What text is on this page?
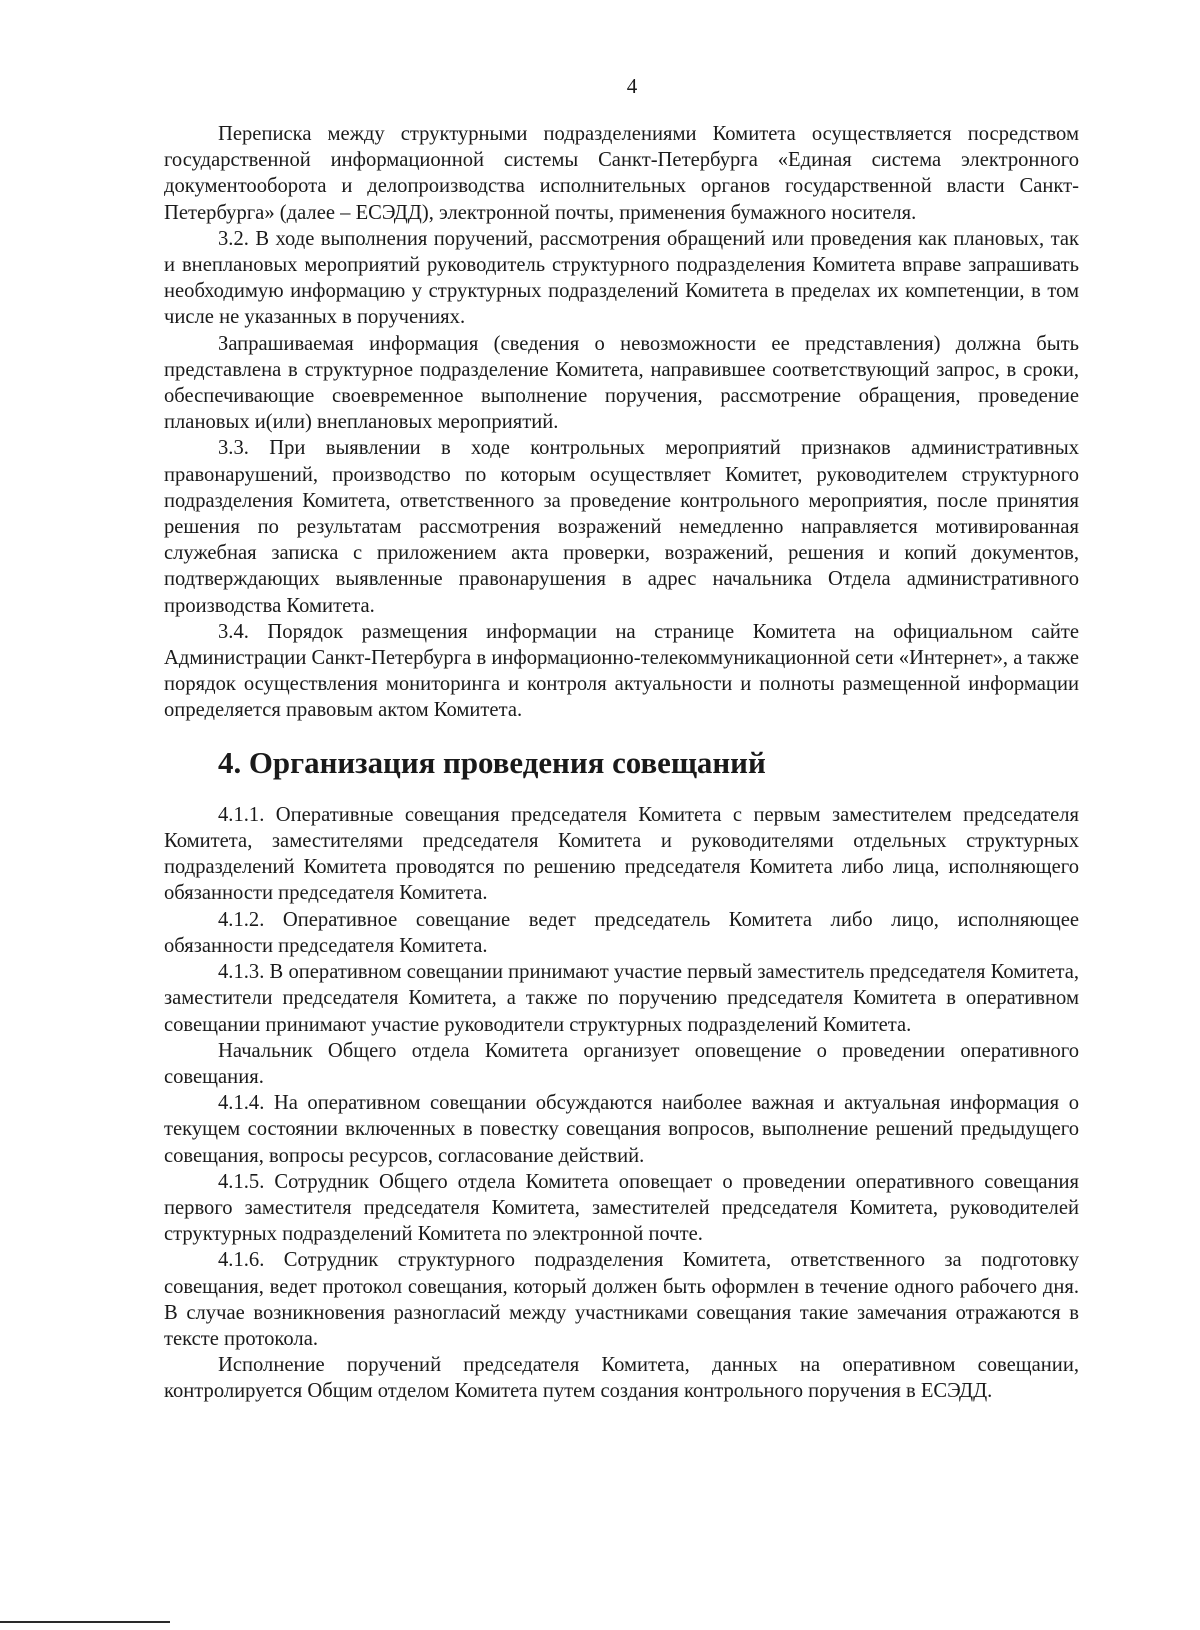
4

Переписка между структурными подразделениями Комитета осуществляется посредством государственной информационной системы Санкт-Петербурга «Единая система электронного документооборота и делопроизводства исполнительных органов государственной власти Санкт-Петербурга» (далее – ЕСЭДД), электронной почты, применения бумажного носителя.

3.2. В ходе выполнения поручений, рассмотрения обращений или проведения как плановых, так и внеплановых мероприятий руководитель структурного подразделения Комитета вправе запрашивать необходимую информацию у структурных подразделений Комитета в пределах их компетенции, в том числе не указанных в поручениях.

Запрашиваемая информация (сведения о невозможности ее представления) должна быть представлена в структурное подразделение Комитета, направившее соответствующий запрос, в сроки, обеспечивающие своевременное выполнение поручения, рассмотрение обращения, проведение плановых и(или) внеплановых мероприятий.

3.3. При выявлении в ходе контрольных мероприятий признаков административных правонарушений, производство по которым осуществляет Комитет, руководителем структурного подразделения Комитета, ответственного за проведение контрольного мероприятия, после принятия решения по результатам рассмотрения возражений немедленно направляется мотивированная служебная записка с приложением акта проверки, возражений, решения и копий документов, подтверждающих выявленные правонарушения в адрес начальника Отдела административного производства Комитета.

3.4. Порядок размещения информации на странице Комитета на официальном сайте Администрации Санкт-Петербурга в информационно-телекоммуникационной сети «Интернет», а также порядок осуществления мониторинга и контроля актуальности и полноты размещенной информации определяется правовым актом Комитета.

4. Организация проведения совещаний

4.1.1. Оперативные совещания председателя Комитета с первым заместителем председателя Комитета, заместителями председателя Комитета и руководителями отдельных структурных подразделений Комитета проводятся по решению председателя Комитета либо лица, исполняющего обязанности председателя Комитета.

4.1.2. Оперативное совещание ведет председатель Комитета либо лицо, исполняющее обязанности председателя Комитета.

4.1.3. В оперативном совещании принимают участие первый заместитель председателя Комитета, заместители председателя Комитета, а также по поручению председателя Комитета в оперативном совещании принимают участие руководители структурных подразделений Комитета.

Начальник Общего отдела Комитета организует оповещение о проведении оперативного совещания.

4.1.4. На оперативном совещании обсуждаются наиболее важная и актуальная информация о текущем состоянии включенных в повестку совещания вопросов, выполнение решений предыдущего совещания, вопросы ресурсов, согласование действий.

4.1.5. Сотрудник Общего отдела Комитета оповещает о проведении оперативного совещания первого заместителя председателя Комитета, заместителей председателя Комитета, руководителей структурных подразделений Комитета по электронной почте.

4.1.6. Сотрудник структурного подразделения Комитета, ответственного за подготовку совещания, ведет протокол совещания, который должен быть оформлен в течение одного рабочего дня. В случае возникновения разногласий между участниками совещания такие замечания отражаются в тексте протокола.

Исполнение поручений председателя Комитета, данных на оперативном совещании, контролируется Общим отделом Комитета путем создания контрольного поручения в ЕСЭДД.
